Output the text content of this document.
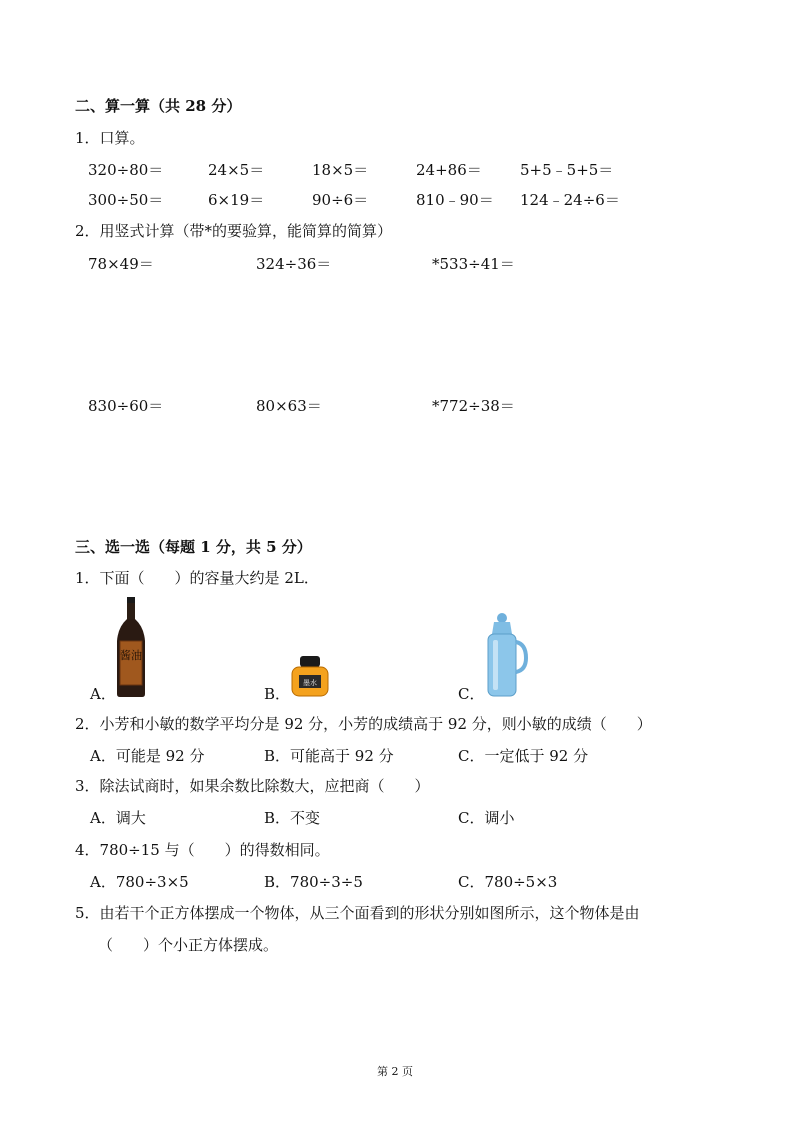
二、算一算（共 28 分）
1．口算。
320÷80＝	24×5＝	18×5＝	24+86＝	5+5﹣5+5＝
300÷50＝	6×19＝	90÷6＝	810﹣90＝ 124﹣24÷6＝
2．用竖式计算（带*的要验算，能简算的简算）
78×49＝	324÷36＝	*533÷41＝
830÷60＝	80×63＝	*772÷38＝
三、选一选（每题 1 分，共 5 分）
1．下面（　　）的容量大约是 2L．
酱油
A．
墨水
B．	C．
2．小芳和小敏的数学平均分是 92 分，小芳的成绩高于 92 分，则小敏的成绩（　　）
A．可能是 92 分	B．可能高于 92 分	C．一定低于 92 分
3．除法试商时，如果余数比除数大，应把商（　　）
A．调大	B．不变	C．调小
4．780÷15 与（　　）的得数相同。
A．780÷3×5	B．780÷3÷5	C．780÷5×3
5．由若干个正方体摆成一个物体，从三个面看到的形状分别如图所示，这个物体是由
（　　）个小正方体摆成。
第 2 页
